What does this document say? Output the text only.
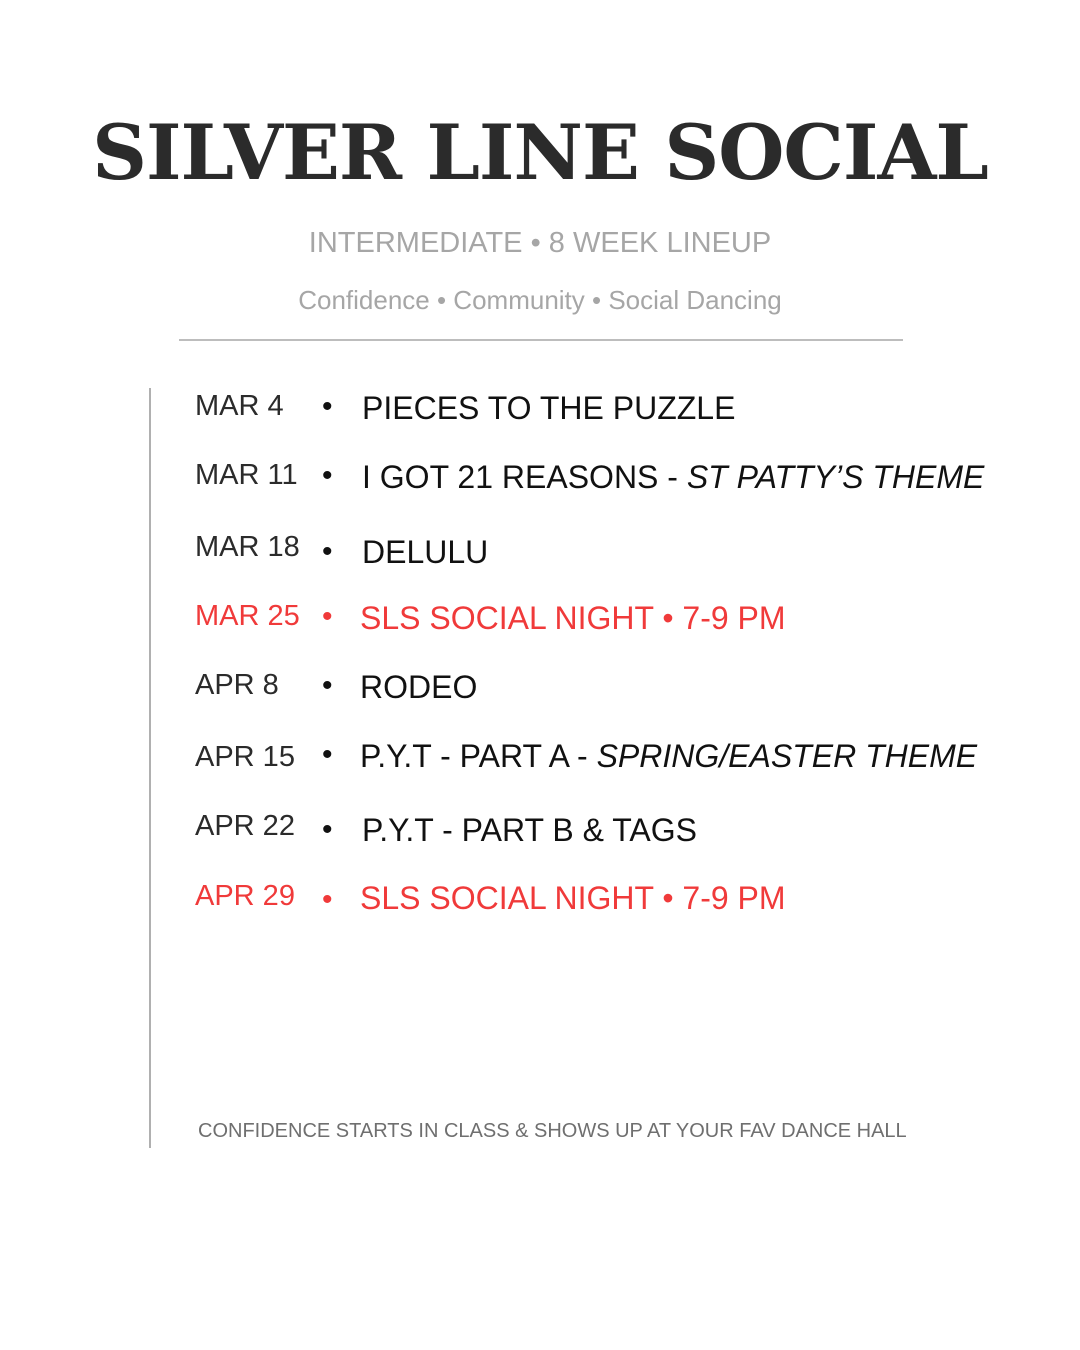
SILVER LINE SOCIAL
INTERMEDIATE • 8 WEEK LINEUP
Confidence • Community • Social Dancing
MAR 4 • PIECES TO THE PUZZLE
MAR 11 • I GOT 21 REASONS - ST PATTY’S THEME
MAR 18 • DELULU
MAR 25 • SLS SOCIAL NIGHT • 7-9 PM
APR 8 • RODEO
APR 15 • P.Y.T - PART A - SPRING/EASTER THEME
APR 22 • P.Y.T - PART B & TAGS
APR 29 • SLS SOCIAL NIGHT • 7-9 PM
CONFIDENCE STARTS IN CLASS & SHOWS UP AT YOUR FAV DANCE HALL
